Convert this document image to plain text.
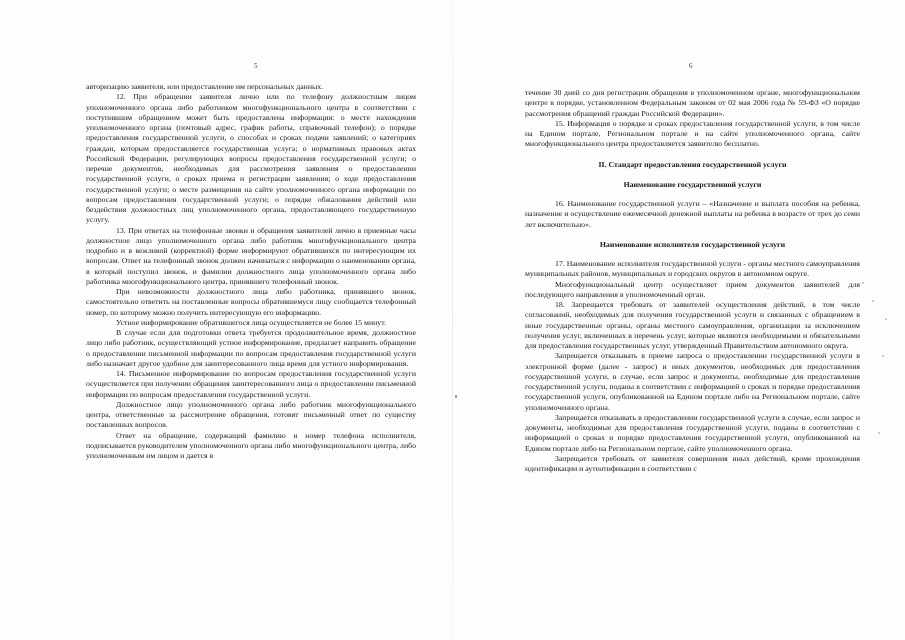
5

авторизацию заявителя, или предоставление им персональных данных.

12. При обращении заявителя лично или по телефону должностным лицом уполномоченного органа либо работником многофункционального центра в соответствии с поступившим обращением может быть предоставлена информация: о месте нахождения уполномоченного органа (почтовый адрес, график работы, справочный телефон); о порядке предоставления государственной услуги, о способах и сроках подачи заявлений; о категориях граждан, которым предоставляется государственная услуга; о нормативных правовых актах Российской Федерации, регулирующих вопросы предоставления государственной услуги; о перечне документов, необходимых для рассмотрения заявления о предоставлении государственной услуги, о сроках приема и регистрации заявления; о ходе предоставления государственной услуги; о месте размещения на сайте уполномоченного органа информации по вопросам предоставления государственной услуги; о порядке обжалования действий или бездействия должностных лиц уполномоченного органа, предоставляющего государственную услугу.

13. При ответах на телефонные звонки и обращения заявителей лично в приемные часы должностное лицо уполномоченного органа либо работник многофункционального центра подробно и в вежливой (корректной) форме информируют обратившихся по интересующим их вопросам. Ответ на телефонный звонок должен начинаться с информации о наименовании органа, в который поступил звонок, и фамилии должностного лица уполномоченного органа либо работника многофункционального центра, принявшего телефонный звонок.

При невозможности должностного лица либо работника, принявшего звонок, самостоятельно ответить на поставленные вопросы обратившемуся лицу сообщается телефонный номер, по которому можно получить интересующую его информацию.

Устное информирование обратившегося лица осуществляется не более 15 минут.

В случае если для подготовки ответа требуется продолжительное время, должностное лицо либо работник, осуществляющий устное информирование, предлагает направить обращение о предоставлении письменной информации по вопросам предоставления государственной услуги либо назначает другое удобное для заинтересованного лица время для устного информирования.

14. Письменное информирование по вопросам предоставления государственной услуги осуществляется при получении обращения заинтересованного лица о предоставлении письменной информации по вопросам предоставления государственной услуги.

Должностное лицо уполномоченного органа либо работник многофункционального центра, ответственные за рассмотрение обращения, готовят письменный ответ по существу поставленных вопросов.

Ответ на обращение, содержащий фамилию и номер телефона исполнителя, подписывается руководителем уполномоченного органа либо многофункционального центра, либо уполномоченным им лицом и дается в

6

течение 30 дней со дня регистрации обращения в уполномоченном органе, многофункциональном центре в порядке, установленном Федеральным законом от 02 мая 2006 года № 59-ФЗ «О порядке рассмотрения обращений граждан Российской Федерации».

15. Информация о порядке и сроках предоставления государственной услуги, в том числе на Едином портале, Региональном портале и на сайте уполномоченного органа, сайте многофункционального центра предоставляется заявителю бесплатно.

II. Стандарт предоставления государственной услуги

Наименование государственной услуги

16. Наименование государственной услуги – «Назначение и выплата пособия на ребенка, назначение и осуществление ежемесячной денежной выплаты на ребенка в возрасте от трех до семи лет включительно».

Наименование исполнителя государственной услуги

17. Наименование исполнителя государственной услуги - органы местного самоуправления муниципальных районов, муниципальных и городских округов в автономном округе.

Многофункциональный центр осуществляет прием документов заявителей для последующего направления в уполномоченный орган.

18. Запрещается требовать от заявителей осуществления действий, в том числе согласований, необходимых для получения государственной услуги и связанных с обращением в иные государственные органы, органы местного самоуправления, организации за исключением получения услуг, включенных в перечень услуг, которые являются необходимыми и обязательными для предоставления государственных услуг, утвержденный Правительством автономного округа.

Запрещается отказывать в приеме запроса о предоставлении государственной услуги в электронной форме (далее - запрос) и иных документов, необходимых для предоставления государственной услуги, в случае, если запрос и документы, необходимые для предоставления государственной услуги, поданы в соответствии с информацией о сроках и порядке предоставления государственной услуги, опубликованной на Едином портале либо на Региональном портале, сайте уполномоченного органа.

Запрещается отказывать в предоставлении государственной услуги в случае, если запрос и документы, необходимые для предоставления государственной услуги, поданы в соответствии с информацией о сроках и порядке предоставления государственной услуги, опубликованной на Едином портале либо на Региональном портале, сайте уполномоченного органа.

Запрещается требовать от заявителя совершения иных действий, кроме прохождения идентификации и аутентификации в соответствии с
